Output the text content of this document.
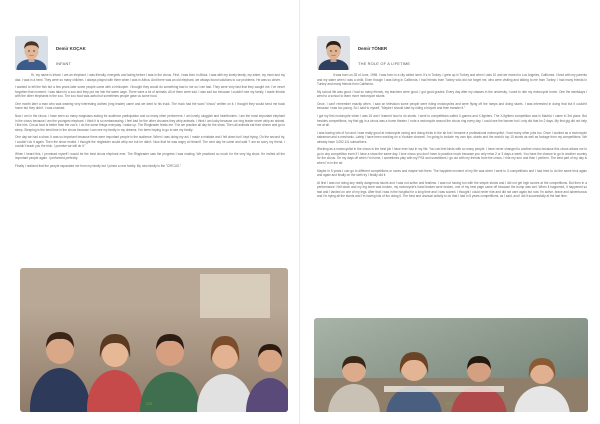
Demir KOÇAK
INFANT

Hi, my name is Infant. I am an elephant. I was friendly, energetic and lazing before I was in the circus. First, I was born in Africa. I was with my lovely family; my sister, my mom and my dad. I was in a herd. They were so many children. I always played with them when I was in Africa. And there was an old elephant, we always found solutions to our problems. He was so clever.

I wanted to tell the fish but a few years later some people came with a helicopter. I thought they would do something bad to me so I ran fast. They were very fast that they caught me. I've never forgotten that moment. I was taken to a zoo and they put me into the same cage. There were a lot of animals. All of them were sad. I was sad too because I couldn't see my family. I made friends with the other elephants in the zoo. The zoo food was awful but sometimes people gave us some food.

One month later a man who was wearing very interesting clothes (ring leader) came and we went to his truck. The truck had the word "circus" written on it. I thought they would send me back home but they didn't. I was crushed.

Now I am in the circus. I have seen so many magicians asking for audience participation and so many other performers. I am lonely, sluggish and heartbroken. I am the most important elephant in the circus because I am the youngest elephant. I think it is so embarrassing. I feel bad for the other circuses they whip animals. I think I am lucky because our ring leader never whip an animal. I like him. Circus food is better than the zoo's. I do the same things everyday. I wake up. The Ringleader feeds me. The we practice all day for the show. Then all animals eat their dinner and go to sleep. Sleeping is the best time in the circus because I can see my family in my dreams. I've been hoping to go to see my family.

One day we had a show. It was so important because there were important people in the audience. When I was doing my act, I made a mistake and I fell down but I kept trying. On the second try, I couldn't do it again. Then the show ended. I thought the ringleader would whip me but he didn't. Now that he was angry at himself. The next day he came and said "I am so sorry my friend. I couldn't teach you the trick. I promise we will do it."

When I heard this, I promised myself I would be the best circus elephant ever. The Ringleader saw the progress I was making. We practiced so much for the very big show. He invited all the important people again. I performed perfectly.

Finally I realized that the people separated me from my family but I joined a new family. My new family is the "CIRCUS."

172
Demir TÖNER
THE ROLE OF A LIFETIME

It was born on 28 of June, 1998. I was born in a city called Izmir. It's in Turkey. I grew up in Turkey and when I was 10 and we moved to Los Angeles, California. I lived with my parents and my sister when I was a child. Even though I was living in California, I had friends from Turkey who did not forget me, who were visiting and talking to me from Turkey. I had many friends in Turkey and many friends from California.

My school life was good. I had so many friends, my teachers were good. I got good grades. Every day after my classes in the university, I used to ride my motorcycle home. One the weekdays I went to a school to learn more motorcycle stunts.

Once, I can't remember exactly when, I saw on television some people were riding motorcycles and were flying off the ramps and doing stunts. I was interested in doing that but it couldn't because I was too young. So I said to myself, "Maybe I should start by riding a bicycle and then transfer it."

I got my first motorcycle when I was 16 and I learned how to do stunts. I went to competitions called X-games and X-fighters. The X-fighters competition was in Madrid. I came in 3rd place. But besides competitions, my first gig in a circus was a home theater. I rode a motorcycle around the circus ring every day. I could see the banner but I only did that for 2 days. My first gig did not help me at all.

I was having lots of fun and I was really good at motorcycle racing and doing tricks in the air but I became a professional motorcyclist. I had many other jobs too. Once I worked as a motorcycle salesman and a mechanic. Lately I have been working on a Youtube channel. I'm going to include my own tips, stunts and the world's top 10 stunts as well as footage from my competitions. We already have 3.052.111 subscribers.

Working as a motorcyclist in the circus is the best job I have ever had in my life. You can feel kinds with so many people. I have never changed to another circus because this circus allows me to go to any competition even if I have a show the same day. I love circus you don't have to practice much because you only relax 2 or 3 days a week. You have the chance to go to another country for the circus. On my days off when I'm home, I sometimes play with my PS4 and sometimes I go out with my friends from the circus. I ride my turn and then I perform. The best part of my day is when I'm in the air.

Maybe in 5 years I can go to different competitions or races and maybe win them. The happiest moment of my life was when I went to X-competitions and I had tried to do the same trick again and again and finally on the sixth try I finally did it.

At first I was not doing any really dangerous stunts and I was not active and fearless. I was not having fun with the simple stunts and I did not get high scores at the competitions. But then in a performance I felt down and my leg bone was broken, my motorcycle's hand brakes were broken, one of my best page came off because the bump was wet. When it happened, it happened so fast and I landed on one of my legs. After that I was in the hospital for a long time and I was scared. I thought I could never ride and did not care again but now I'm active, brave and adventurous and I'm trying all the stunts and I'm having lots of fun doing it. The best and unusual activity to do that I had in 5 years competitions, as I said, and I did it successfully at the last time.

173
